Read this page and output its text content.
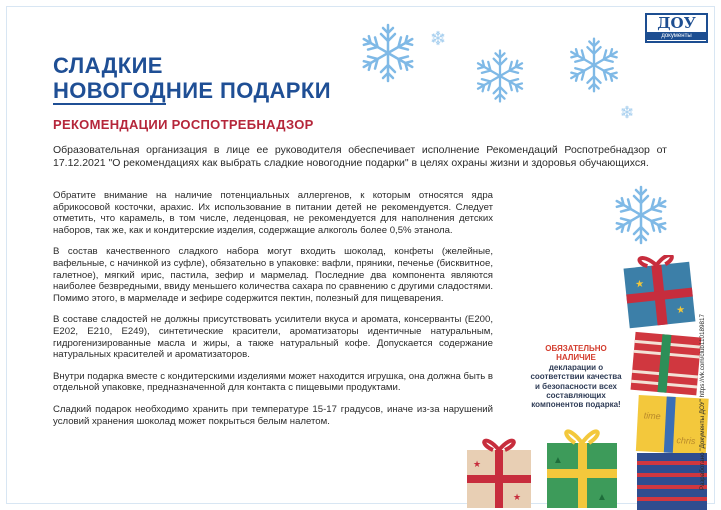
ДОУ
документы
СЛАДКИЕ
НОВОГОДНИЕ ПОДАРКИ
РЕКОМЕНДАЦИИ РОСПОТРЕБНАДЗОР

Образовательная организация в лице ее руководителя обеспечивает исполнение Рекомендаций Роспотребнадзор от 17.12.2021 "О рекомендациях как выбрать сладкие новогодние подарки" в целях охраны жизни и здоровья обучающихся.

Обратите внимание на наличие потенциальных аллергенов, к которым относятся ядра абрикосовой косточки, арахис. Их использование в питании детей не рекомендуется. Следует отметить, что карамель, в том числе, леденцовая, не рекомендуется для наполнения детских наборов, так же, как и кондитерские изделия, содержащие алкоголь более 0,5% этанола.

В состав качественного сладкого набора могут входить шоколад, конфеты (желейные, вафельные, с начинкой из суфле), обязательно в упаковке: вафли, пряники, печенье (бисквитное, галетное), мягкий ирис, пастила, зефир и мармелад. Последние два компонента являются наиболее безвредными, ввиду меньшего количества сахара по сравнению с другими сладостями. Помимо этого, в мармеладе и зефире содержится пектин, полезный для пищеварения.

В составе сладостей не должны присутствовать усилители вкуса и аромата, консерванты (Е200, Е202, Е210, Е249), синтетические красители, ароматизаторы идентичные натуральным, гидрогенизированные масла и жиры, а также натуральный кофе. Допускается содержание натуральных красителей и ароматизаторов.

Внутри подарка вместе с кондитерскими изделиями может находится игрушка, она должна быть в отдельной упаковке, предназначенной для контакта с пищевыми продуктами.

Сладкий подарок необходимо хранить при температуре 15-17 градусов, иначе из-за нарушений условий хранения шоколад может покрыться белым налетом.

★
★
time
chris
★
★
▲
▲
ОБЯЗАТЕЛЬНО НАЛИЧИЕ
декларации о соответствии качества и безопасности всех составляющих компонентов подарка!	Разработано "Документы ДОУ" https://vk.com/club110189817
